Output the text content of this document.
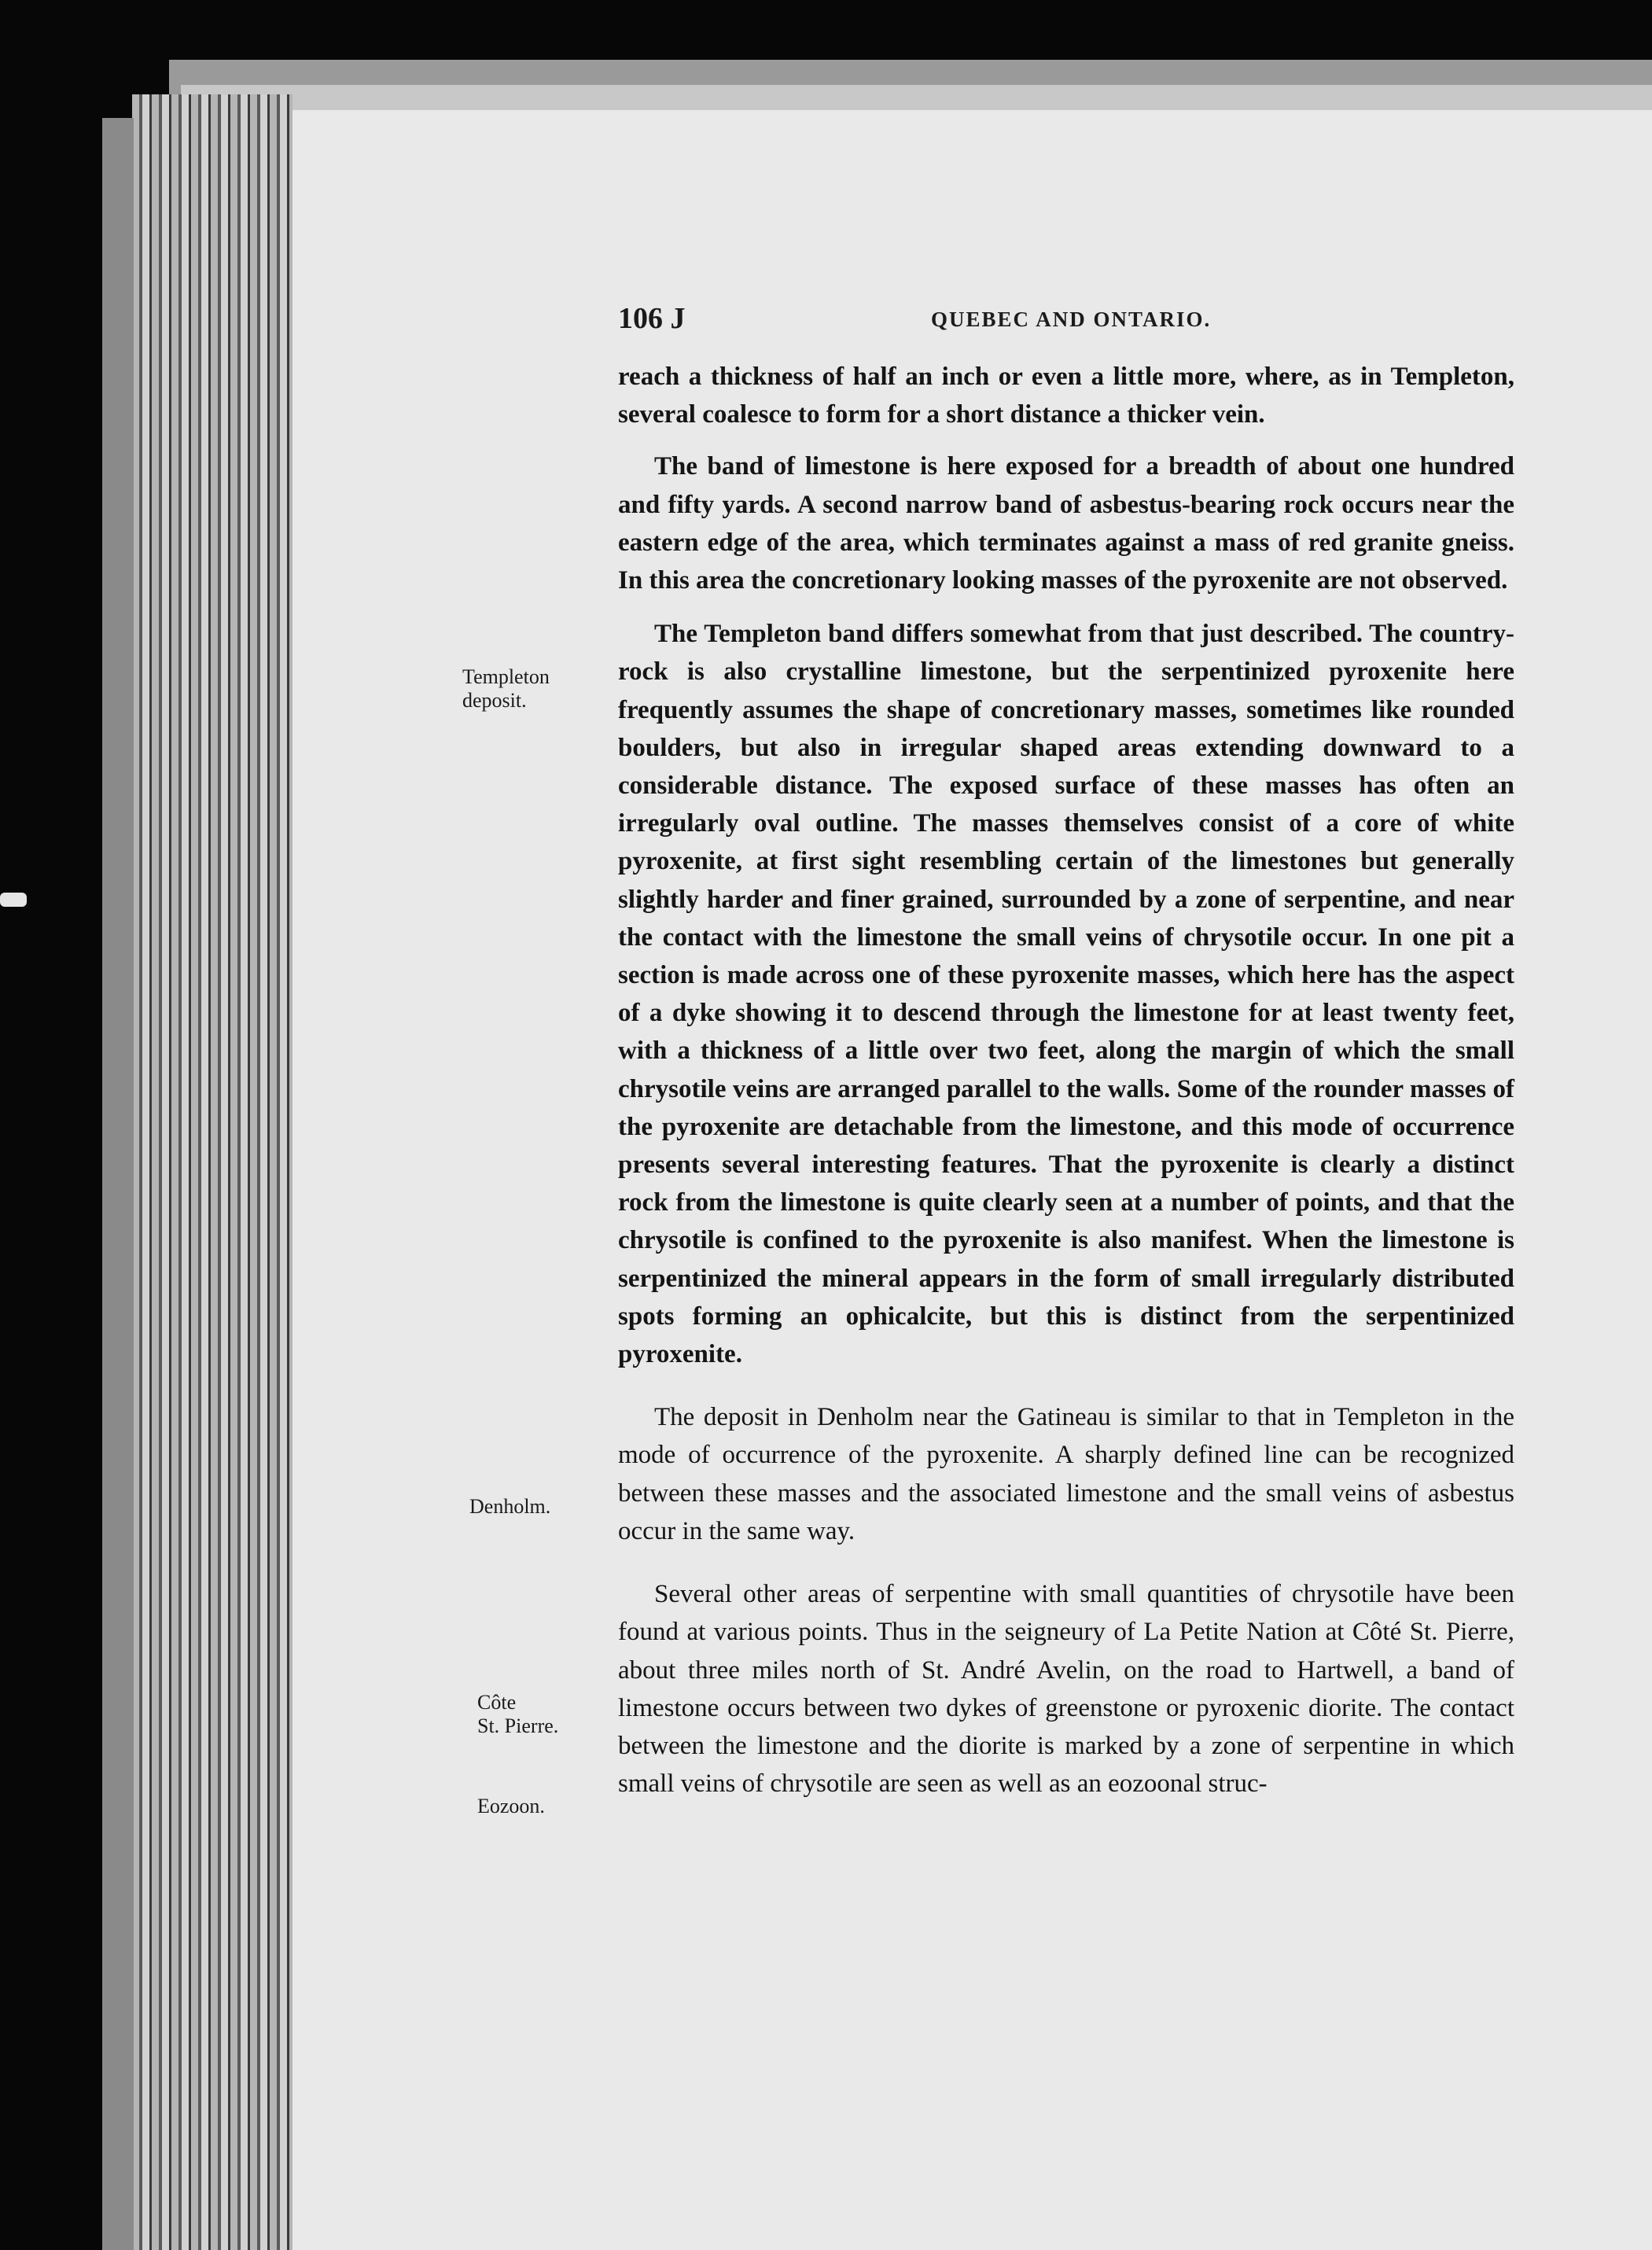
106 J	QUEBEC AND ONTARIO.
Templeton
deposit.
Denholm.
Côte
St. Pierre.
Eozoon.

reach a thickness of half an inch or even a little more, where, as in Templeton, several coalesce to form for a short distance a thicker vein.

The band of limestone is here exposed for a breadth of about one hundred and fifty yards. A second narrow band of asbestus-bearing rock occurs near the eastern edge of the area, which terminates against a mass of red granite gneiss. In this area the concretionary looking masses of the pyroxenite are not observed.

The Templeton band differs somewhat from that just described. The country-rock is also crystalline limestone, but the serpentinized pyroxenite here frequently assumes the shape of concretionary masses, sometimes like rounded boulders, but also in irregular shaped areas extending downward to a considerable distance. The exposed surface of these masses has often an irregularly oval outline. The masses themselves consist of a core of white pyroxenite, at first sight resembling certain of the limestones but generally slightly harder and finer grained, surrounded by a zone of serpentine, and near the contact with the limestone the small veins of chrysotile occur. In one pit a section is made across one of these pyroxenite masses, which here has the aspect of a dyke showing it to descend through the limestone for at least twenty feet, with a thickness of a little over two feet, along the margin of which the small chrysotile veins are arranged parallel to the walls. Some of the rounder masses of the pyroxenite are detachable from the limestone, and this mode of occurrence presents several interesting features. That the pyroxenite is clearly a distinct rock from the limestone is quite clearly seen at a number of points, and that the chrysotile is confined to the pyroxenite is also manifest. When the limestone is serpentinized the mineral appears in the form of small irregularly distributed spots forming an ophicalcite, but this is distinct from the serpentinized pyroxenite.

The deposit in Denholm near the Gatineau is similar to that in Templeton in the mode of occurrence of the pyroxenite. A sharply defined line can be recognized between these masses and the associated limestone and the small veins of asbestus occur in the same way.

Several other areas of serpentine with small quantities of chrysotile have been found at various points. Thus in the seigneury of La Petite Nation at Côté St. Pierre, about three miles north of St. André Avelin, on the road to Hartwell, a band of limestone occurs between two dykes of greenstone or pyroxenic diorite. The contact between the limestone and the diorite is marked by a zone of serpentine in which small veins of chrysotile are seen as well as an eozoonal struc-
